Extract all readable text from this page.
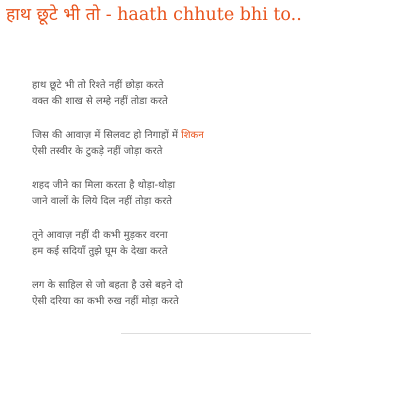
हाथ छूटे भी तो - haath chhute bhi to..
हाथ छूटे भी तो रिश्ते नहीं छोड़ा करते
वक्त की शाख से लम्हे नहीं तोडा करते
जिस की आवाज़ में सिलवट हो निगाहों में शिकन
ऐसी तस्वीर के टुकड़े नहीं जोड़ा करते
शहद जीने का मिला करता है थोड़ा-थोड़ा
जाने वालों के लिये दिल नहीं तोड़ा करते
तूने आवाज़ नहीं दी कभी मुड़कर वरना
हम कई सदियाँ तुझे घूम के देखा करते
लग के साहिल से जो बहता है उसे बहने दो
ऐसी दरिया का कभी रुख नहीं मोड़ा करते
